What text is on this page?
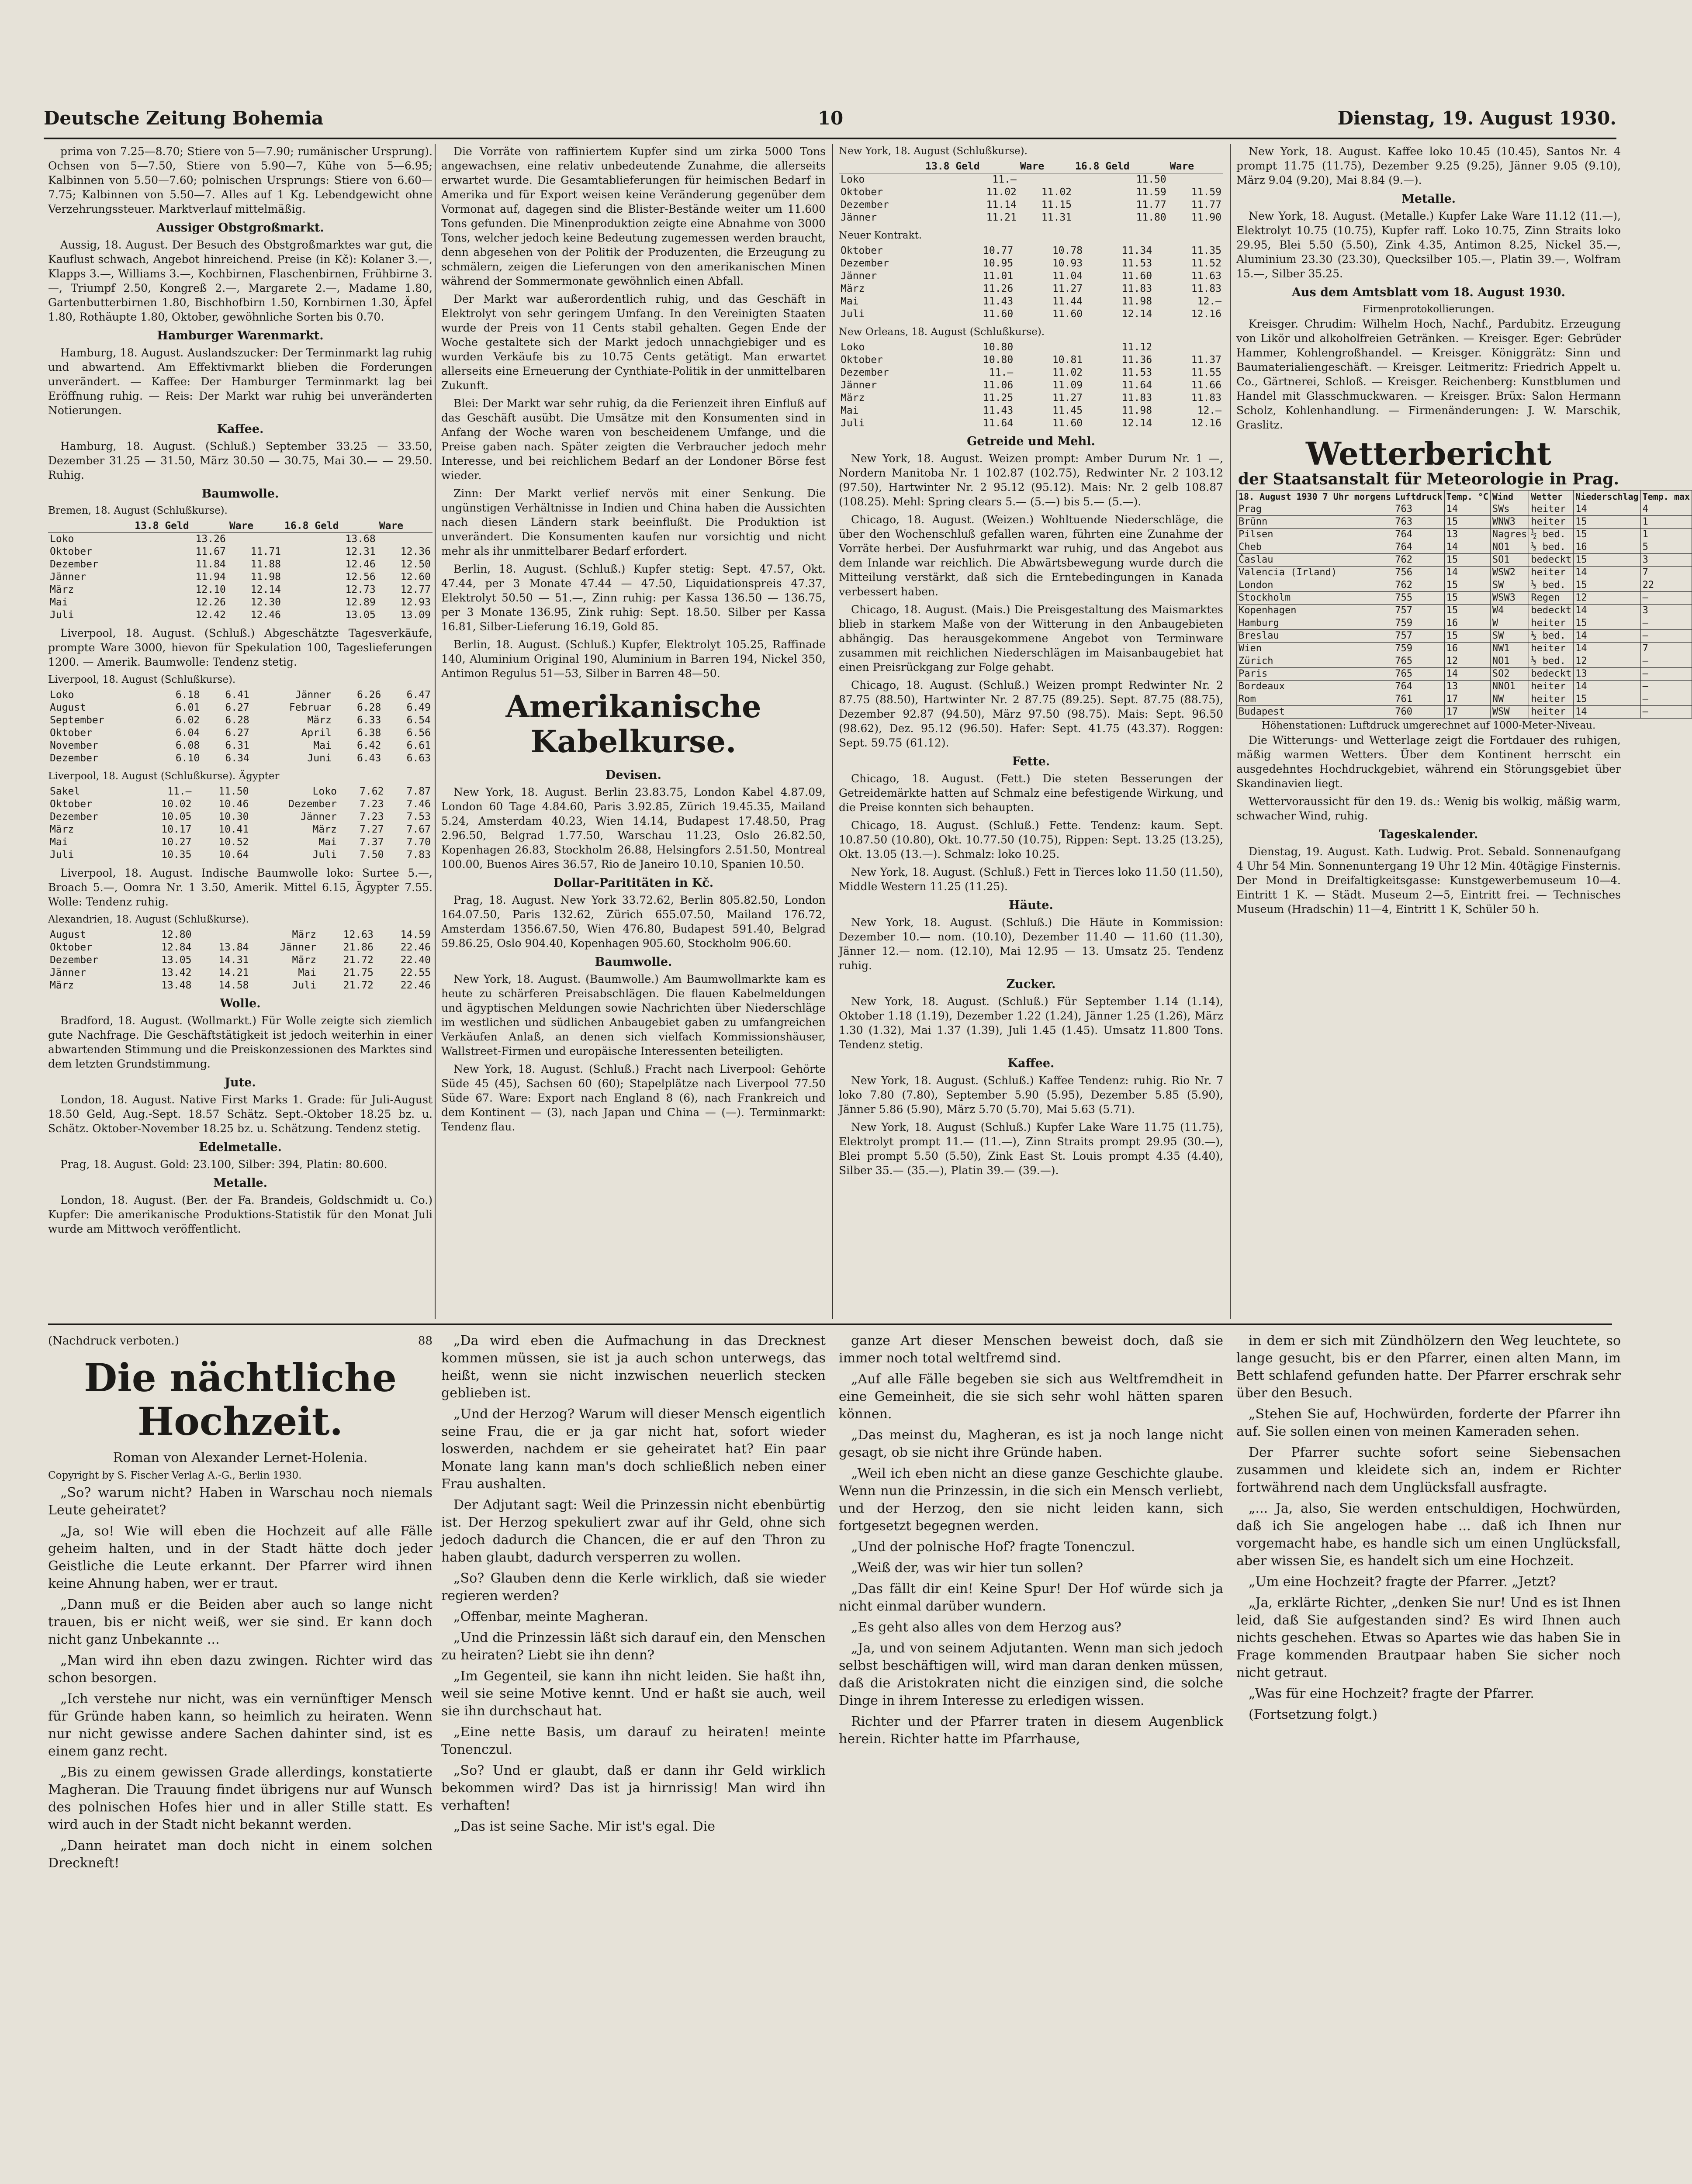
Deutsche Zeitung Bohemia	10	Dienstag, 19. August 1930.

prima von 7.25—8.70; Stiere von 5—7.90; rumänischer Ursprung). Ochsen von 5—7.50, Stiere von 5.90—7, Kühe von 5—6.95; Kalbinnen von 5.50—7.60; polnischen Ursprungs: Stiere von 6.60—7.75; Kalbinnen von 5.50—7. Alles auf 1 Kg. Lebendgewicht ohne Verzehrungssteuer. Marktverlauf mittelmäßig.

Aussiger Obstgroßmarkt.

Aussig, 18. August. Der Besuch des Obstgroßmarktes war gut, die Kauflust schwach, Angebot hinreichend. Preise (in Kč): Kolaner 3.—, Klapps 3.—, Williams 3.—, Kochbirnen, Flaschenbirnen, Frühbirne 3.—, Triumpf 2.50, Kongreß 2.—, Margarete 2.—, Madame 1.80, Gartenbutterbirnen 1.80, Bischhofbirn 1.50, Kornbirnen 1.30, Äpfel 1.80, Rothäupte 1.80, Oktober, gewöhnliche Sorten bis 0.70.

Hamburger Warenmarkt.

Hamburg, 18. August. Auslandszucker: Der Terminmarkt lag ruhig und abwartend. Am Effektivmarkt blieben die Forderungen unverändert. — Kaffee: Der Hamburger Terminmarkt lag bei Eröffnung ruhig. — Reis: Der Markt war ruhig bei unveränderten Notierungen.

Kaffee.

Hamburg, 18. August. (Schluß.) September 33.25 — 33.50, Dezember 31.25 — 31.50, März 30.50 — 30.75, Mai 30.— — 29.50. Ruhig.

Baumwolle.
Bremen, 18. August (Schlußkurse).
	13.8 Geld	Ware	16.8 Geld	Ware
Loko	13.26		13.68	
Oktober	11.67	11.71	12.31	12.36
Dezember	11.84	11.88	12.46	12.50
Jänner	11.94	11.98	12.56	12.60
März	12.10	12.14	12.73	12.77
Mai	12.26	12.30	12.89	12.93
Juli	12.42	12.46	13.05	13.09

Liverpool, 18. August. (Schluß.) Abgeschätzte Tagesverkäufe, prompte Ware 3000, hievon für Spekulation 100, Tageslieferungen 1200. — Amerik. Baumwolle: Tendenz stetig.

Liverpool, 18. August (Schlußkurse).
Loko	6.18	6.41	Jänner	6.26	6.47
August	6.01	6.27	Februar	6.28	6.49
September	6.02	6.28	März	6.33	6.54
Oktober	6.04	6.27	April	6.38	6.56
November	6.08	6.31	Mai	6.42	6.61
Dezember	6.10	6.34	Juni	6.43	6.63
Liverpool, 18. August (Schlußkurse). Ägypter
Sakel	11.—	11.50	Loko	7.62	7.87
Oktober	10.02	10.46	Dezember	7.23	7.46
Dezember	10.05	10.30	Jänner	7.23	7.53
März	10.17	10.41	März	7.27	7.67
Mai	10.27	10.52	Mai	7.37	7.70
Juli	10.35	10.64	Juli	7.50	7.83

Liverpool, 18. August. Indische Baumwolle loko: Surtee 5.—, Broach 5.—, Oomra Nr. 1 3.50, Amerik. Mittel 6.15, Ägypter 7.55. Wolle: Tendenz ruhig.

Alexandrien, 18. August (Schlußkurse).
August	12.80		März	12.63	14.59
Oktober	12.84	13.84	Jänner	21.86	22.46
Dezember	13.05	14.31	März	21.72	22.40
Jänner	13.42	14.21	Mai	21.75	22.55
März	13.48	14.58	Juli	21.72	22.46
Wolle.

Bradford, 18. August. (Wollmarkt.) Für Wolle zeigte sich ziemlich gute Nachfrage. Die Geschäftstätigkeit ist jedoch weiterhin in einer abwartenden Stimmung und die Preiskonzessionen des Marktes sind dem letzten Grundstimmung.

Jute.

London, 18. August. Native First Marks 1. Grade: für Juli-August 18.50 Geld, Aug.-Sept. 18.57 Schätz. Sept.-Oktober 18.25 bz. u. Schätz. Oktober-November 18.25 bz. u. Schätzung. Tendenz stetig.

Edelmetalle.

Prag, 18. August. Gold: 23.100, Silber: 394, Platin: 80.600.

Metalle.

London, 18. August. (Ber. der Fa. Brandeis, Goldschmidt u. Co.) Kupfer: Die amerikanische Produktions-Statistik für den Monat Juli wurde am Mittwoch veröffentlicht.

Die Vorräte von raffiniertem Kupfer sind um zirka 5000 Tons angewachsen, eine relativ unbedeutende Zunahme, die allerseits erwartet wurde. Die Gesamtablieferungen für heimischen Bedarf in Amerika und für Export weisen keine Veränderung gegenüber dem Vormonat auf, dagegen sind die Blister-Bestände weiter um 11.600 Tons gefunden. Die Minenproduktion zeigte eine Abnahme von 3000 Tons, welcher jedoch keine Bedeutung zugemessen werden braucht, denn abgesehen von der Politik der Produzenten, die Erzeugung zu schmälern, zeigen die Lieferungen von den amerikanischen Minen während der Sommermonate gewöhnlich einen Abfall.

Der Markt war außerordentlich ruhig, und das Geschäft in Elektrolyt von sehr geringem Umfang. In den Vereinigten Staaten wurde der Preis von 11 Cents stabil gehalten. Gegen Ende der Woche gestaltete sich der Markt jedoch unnachgiebiger und es wurden Verkäufe bis zu 10.75 Cents getätigt. Man erwartet allerseits eine Erneuerung der Cynthiate-Politik in der unmittelbaren Zukunft.

Blei: Der Markt war sehr ruhig, da die Ferienzeit ihren Einfluß auf das Geschäft ausübt. Die Umsätze mit den Konsumenten sind in Anfang der Woche waren von bescheidenem Umfange, und die Preise gaben nach. Später zeigten die Verbraucher jedoch mehr Interesse, und bei reichlichem Bedarf an der Londoner Börse fest wieder.

Zinn: Der Markt verlief nervös mit einer Senkung. Die ungünstigen Verhältnisse in Indien und China haben die Aussichten nach diesen Ländern stark beeinflußt. Die Produktion ist unverändert. Die Konsumenten kaufen nur vorsichtig und nicht mehr als ihr unmittelbarer Bedarf erfordert.

Berlin, 18. August. (Schluß.) Kupfer stetig: Sept. 47.57, Okt. 47.44, per 3 Monate 47.44 — 47.50, Liquidationspreis 47.37, Elektrolyt 50.50 — 51.—, Zinn ruhig: per Kassa 136.50 — 136.75, per 3 Monate 136.95, Zink ruhig: Sept. 18.50. Silber per Kassa 16.81, Silber-Lieferung 16.19, Gold 85.

Berlin, 18. August. (Schluß.) Kupfer, Elektrolyt 105.25, Raffinade 140, Aluminium Original 190, Aluminium in Barren 194, Nickel 350, Antimon Regulus 51—53, Silber in Barren 48—50.

Amerikanische Kabelkurse.
Devisen.

New York, 18. August. Berlin 23.83.75, London Kabel 4.87.09, London 60 Tage 4.84.60, Paris 3.92.85, Zürich 19.45.35, Mailand 5.24, Amsterdam 40.23, Wien 14.14, Budapest 17.48.50, Prag 2.96.50, Belgrad 1.77.50, Warschau 11.23, Oslo 26.82.50, Kopenhagen 26.83, Stockholm 26.88, Helsingfors 2.51.50, Montreal 100.00, Buenos Aires 36.57, Rio de Janeiro 10.10, Spanien 10.50.

Dollar-Parititäten in Kč.

Prag, 18. August. New York 33.72.62, Berlin 805.82.50, London 164.07.50, Paris 132.62, Zürich 655.07.50, Mailand 176.72, Amsterdam 1356.67.50, Wien 476.80, Budapest 591.40, Belgrad 59.86.25, Oslo 904.40, Kopenhagen 905.60, Stockholm 906.60.

Baumwolle.

New York, 18. August. (Baumwolle.) Am Baumwollmarkte kam es heute zu schärferen Preisabschlägen. Die flauen Kabelmeldungen und ägyptischen Meldungen sowie Nachrichten über Niederschläge im westlichen und südlichen Anbaugebiet gaben zu umfangreichen Verkäufen Anlaß, an denen sich vielfach Kommissionshäuser, Wallstreet-Firmen und europäische Interessenten beteiligten.

New York, 18. August. (Schluß.) Fracht nach Liverpool: Gehörte Süde 45 (45), Sachsen 60 (60); Stapelplätze nach Liverpool 77.50 Süde 67. Ware: Export nach England 8 (6), nach Frankreich und dem Kontinent — (3), nach Japan und China — (—). Terminmarkt: Tendenz flau.

New York, 18. August (Schlußkurse).
	13.8 Geld	Ware	16.8 Geld	Ware
Loko	11.—		11.50	
Oktober	11.02	11.02	11.59	11.59
Dezember	11.14	11.15	11.77	11.77
Jänner	11.21	11.31	11.80	11.90
Neuer Kontrakt.
Oktober	10.77	10.78	11.34	11.35
Dezember	10.95	10.93	11.53	11.52
Jänner	11.01	11.04	11.60	11.63
März	11.26	11.27	11.83	11.83
Mai	11.43	11.44	11.98	12.—
Juli	11.60	11.60	12.14	12.16
New Orleans, 18. August (Schlußkurse).
Loko	10.80		11.12	
Oktober	10.80	10.81	11.36	11.37
Dezember	11.—	11.02	11.53	11.55
Jänner	11.06	11.09	11.64	11.66
März	11.25	11.27	11.83	11.83
Mai	11.43	11.45	11.98	12.—
Juli	11.64	11.60	12.14	12.16
Getreide und Mehl.

New York, 18. August. Weizen prompt: Amber Durum Nr. 1 —, Nordern Manitoba Nr. 1 102.87 (102.75), Redwinter Nr. 2 103.12 (97.50), Hartwinter Nr. 2 95.12 (95.12). Mais: Nr. 2 gelb 108.87 (108.25). Mehl: Spring clears 5.— (5.—) bis 5.— (5.—).

Chicago, 18. August. (Weizen.) Wohltuende Niederschläge, die über den Wochenschluß gefallen waren, führten eine Zunahme der Vorräte herbei. Der Ausfuhrmarkt war ruhig, und das Angebot aus dem Inlande war reichlich. Die Abwärtsbewegung wurde durch die Mitteilung verstärkt, daß sich die Erntebedingungen in Kanada verbessert haben.

Chicago, 18. August. (Mais.) Die Preisgestaltung des Maismarktes blieb in starkem Maße von der Witterung in den Anbaugebieten abhängig. Das herausgekommene Angebot von Terminware zusammen mit reichlichen Niederschlägen im Maisanbaugebiet hat einen Preisrückgang zur Folge gehabt.

Chicago, 18. August. (Schluß.) Weizen prompt Redwinter Nr. 2 87.75 (88.50), Hartwinter Nr. 2 87.75 (89.25). Sept. 87.75 (88.75), Dezember 92.87 (94.50), März 97.50 (98.75). Mais: Sept. 96.50 (98.62), Dez. 95.12 (96.50). Hafer: Sept. 41.75 (43.37). Roggen: Sept. 59.75 (61.12).

Fette.

Chicago, 18. August. (Fett.) Die steten Besserungen der Getreidemärkte hatten auf Schmalz eine befestigende Wirkung, und die Preise konnten sich behaupten.

Chicago, 18. August. (Schluß.) Fette. Tendenz: kaum. Sept. 10.87.50 (10.80), Okt. 10.77.50 (10.75), Rippen: Sept. 13.25 (13.25), Okt. 13.05 (13.—). Schmalz: loko 10.25.

New York, 18. August. (Schluß.) Fett in Tierces loko 11.50 (11.50), Middle Western 11.25 (11.25).

Häute.

New York, 18. August. (Schluß.) Die Häute in Kommission: Dezember 10.— nom. (10.10), Dezember 11.40 — 11.60 (11.30), Jänner 12.— nom. (12.10), Mai 12.95 — 13. Umsatz 25. Tendenz ruhig.

Zucker.

New York, 18. August. (Schluß.) Für September 1.14 (1.14), Oktober 1.18 (1.19), Dezember 1.22 (1.24), Jänner 1.25 (1.26), März 1.30 (1.32), Mai 1.37 (1.39), Juli 1.45 (1.45). Umsatz 11.800 Tons. Tendenz stetig.

Kaffee.

New York, 18. August. (Schluß.) Kaffee Tendenz: ruhig. Rio Nr. 7 loko 7.80 (7.80), September 5.90 (5.95), Dezember 5.85 (5.90), Jänner 5.86 (5.90), März 5.70 (5.70), Mai 5.63 (5.71).

New York, 18. August (Schluß.) Kupfer Lake Ware 11.75 (11.75), Elektrolyt prompt 11.— (11.—), Zinn Straits prompt 29.95 (30.—), Blei prompt 5.50 (5.50), Zink East St. Louis prompt 4.35 (4.40), Silber 35.— (35.—), Platin 39.— (39.—).

New York, 18. August. Kaffee loko 10.45 (10.45), Santos Nr. 4 prompt 11.75 (11.75), Dezember 9.25 (9.25), Jänner 9.05 (9.10), März 9.04 (9.20), Mai 8.84 (9.—).

Metalle.

New York, 18. August. (Metalle.) Kupfer Lake Ware 11.12 (11.—), Elektrolyt 10.75 (10.75), Kupfer raff. Loko 10.75, Zinn Straits loko 29.95, Blei 5.50 (5.50), Zink 4.35, Antimon 8.25, Nickel 35.—, Aluminium 23.30 (23.30), Quecksilber 105.—, Platin 39.—, Wolfram 15.—, Silber 35.25.

Aus dem Amtsblatt vom 18. August 1930.
Firmenprotokollierungen.

Kreisger. Chrudim: Wilhelm Hoch, Nachf., Pardubitz. Erzeugung von Likör und alkoholfreien Getränken. — Kreisger. Eger: Gebrüder Hammer, Kohlengroßhandel. — Kreisger. Königgrätz: Sinn und Baumaterialiengeschäft. — Kreisger. Leitmeritz: Friedrich Appelt u. Co., Gärtnerei, Schloß. — Kreisger. Reichenberg: Kunstblumen und Handel mit Glasschmuckwaren. — Kreisger. Brüx: Salon Hermann Scholz, Kohlenhandlung. — Firmenänderungen: J. W. Marschik, Graslitz.

Wetterbericht
der Staatsanstalt für Meteorologie in Prag.
18. August 1930 7 Uhr morgens	Luftdruck	Temp. °C	Wind	Wetter	Niederschlag	Temp. max
Prag	763	14	SWs	heiter	14	4
Brünn	763	15	WNW3	heiter	15	1
Pilsen	764	13	Nagres	½ bed.	15	1
Cheb	764	14	NO1	½ bed.	16	5
Časlau	762	15	SO1	bedeckt	15	3
Valencia (Irland)	756	14	WSW2	heiter	14	7
London	762	15	SW	½ bed.	15	22
Stockholm	755	15	WSW3	Regen	12	—
Kopenhagen	757	15	W4	bedeckt	14	3
Hamburg	759	16	W	heiter	15	—
Breslau	757	15	SW	½ bed.	14	—
Wien	759	16	NW1	heiter	14	7
Zürich	765	12	NO1	½ bed.	12	—
Paris	765	14	SO2	bedeckt	13	—
Bordeaux	764	13	NNO1	heiter	14	—
Rom	761	17	NW	heiter	15	—
Budapest	760	17	WSW	heiter	14	—
Höhenstationen: Luftdruck umgerechnet auf 1000-Meter-Niveau.

Die Witterungs- und Wetterlage zeigt die Fortdauer des ruhigen, mäßig warmen Wetters. Über dem Kontinent herrscht ein ausgedehntes Hochdruckgebiet, während ein Störungsgebiet über Skandinavien liegt.

Wettervoraussicht für den 19. ds.: Wenig bis wolkig, mäßig warm, schwacher Wind, ruhig.

Tageskalender.

Dienstag, 19. August. Kath. Ludwig. Prot. Sebald. Sonnenaufgang 4 Uhr 54 Min. Sonnenuntergang 19 Uhr 12 Min. 40tägige Finsternis. Der Mond in Dreifaltigkeitsgasse: Kunstgewerbemuseum 10—4. Eintritt 1 K. — Städt. Museum 2—5, Eintritt frei. — Technisches Museum (Hradschin) 11—4, Eintritt 1 K, Schüler 50 h.

(Nachdruck verboten.)	88
Die nächtliche Hochzeit.
Roman von Alexander Lernet-Holenia.
Copyright by S. Fischer Verlag A.-G., Berlin 1930.

„So? warum nicht? Haben in Warschau noch niemals Leute geheiratet?

„Ja, so! Wie will eben die Hochzeit auf alle Fälle geheim halten, und in der Stadt hätte doch jeder Geistliche die Leute erkannt. Der Pfarrer wird ihnen keine Ahnung haben, wer er traut.

„Dann muß er die Beiden aber auch so lange nicht trauen, bis er nicht weiß, wer sie sind. Er kann doch nicht ganz Unbekannte ...

„Man wird ihn eben dazu zwingen. Richter wird das schon besorgen.

„Ich verstehe nur nicht, was ein vernünftiger Mensch für Gründe haben kann, so heimlich zu heiraten. Wenn nur nicht gewisse andere Sachen dahinter sind, ist es einem ganz recht.

„Bis zu einem gewissen Grade allerdings, konstatierte Magheran. Die Trauung findet übrigens nur auf Wunsch des polnischen Hofes hier und in aller Stille statt. Es wird auch in der Stadt nicht bekannt werden.

„Dann heiratet man doch nicht in einem solchen Dreckneft!

„Da wird eben die Aufmachung in das Drecknest kommen müssen, sie ist ja auch schon unterwegs, das heißt, wenn sie nicht inzwischen neuerlich stecken geblieben ist.

„Und der Herzog? Warum will dieser Mensch eigentlich seine Frau, die er ja gar nicht hat, sofort wieder loswerden, nachdem er sie geheiratet hat? Ein paar Monate lang kann man's doch schließlich neben einer Frau aushalten.

Der Adjutant sagt: Weil die Prinzessin nicht ebenbürtig ist. Der Herzog spekuliert zwar auf ihr Geld, ohne sich jedoch dadurch die Chancen, die er auf den Thron zu haben glaubt, dadurch versperren zu wollen.

„So? Glauben denn die Kerle wirklich, daß sie wieder regieren werden?

„Offenbar, meinte Magheran.

„Und die Prinzessin läßt sich darauf ein, den Menschen zu heiraten? Liebt sie ihn denn?

„Im Gegenteil, sie kann ihn nicht leiden. Sie haßt ihn, weil sie seine Motive kennt. Und er haßt sie auch, weil sie ihn durchschaut hat.

„Eine nette Basis, um darauf zu heiraten! meinte Tonenczul.

„So? Und er glaubt, daß er dann ihr Geld wirklich bekommen wird? Das ist ja hirnrissig! Man wird ihn verhaften!

„Das ist seine Sache. Mir ist's egal. Die

ganze Art dieser Menschen beweist doch, daß sie immer noch total weltfremd sind.

„Auf alle Fälle begeben sie sich aus Weltfremdheit in eine Gemeinheit, die sie sich sehr wohl hätten sparen können.

„Das meinst du, Magheran, es ist ja noch lange nicht gesagt, ob sie nicht ihre Gründe haben.

„Weil ich eben nicht an diese ganze Geschichte glaube. Wenn nun die Prinzessin, in die sich ein Mensch verliebt, und der Herzog, den sie nicht leiden kann, sich fortgesetzt begegnen werden.

„Und der polnische Hof? fragte Tonenczul.

„Weiß der, was wir hier tun sollen?

„Das fällt dir ein! Keine Spur! Der Hof würde sich ja nicht einmal darüber wundern.

„Es geht also alles von dem Herzog aus?

„Ja, und von seinem Adjutanten. Wenn man sich jedoch selbst beschäftigen will, wird man daran denken müssen, daß die Aristokraten nicht die einzigen sind, die solche Dinge in ihrem Interesse zu erledigen wissen.

Richter und der Pfarrer traten in diesem Augenblick herein. Richter hatte im Pfarrhause,

in dem er sich mit Zündhölzern den Weg leuchtete, so lange gesucht, bis er den Pfarrer, einen alten Mann, im Bett schlafend gefunden hatte. Der Pfarrer erschrak sehr über den Besuch.

„Stehen Sie auf, Hochwürden, forderte der Pfarrer ihn auf. Sie sollen einen von meinen Kameraden sehen.

Der Pfarrer suchte sofort seine Siebensachen zusammen und kleidete sich an, indem er Richter fortwährend nach dem Unglücksfall ausfragte.

„... Ja, also, Sie werden entschuldigen, Hochwürden, daß ich Sie angelogen habe ... daß ich Ihnen nur vorgemacht habe, es handle sich um einen Unglücksfall, aber wissen Sie, es handelt sich um eine Hochzeit.

„Um eine Hochzeit? fragte der Pfarrer. „Jetzt?

„Ja, erklärte Richter, „denken Sie nur! Und es ist Ihnen leid, daß Sie aufgestanden sind? Es wird Ihnen auch nichts geschehen. Etwas so Apartes wie das haben Sie in Frage kommenden Brautpaar haben Sie sicher noch nicht getraut.

„Was für eine Hochzeit? fragte der Pfarrer.

(Fortsetzung folgt.)
